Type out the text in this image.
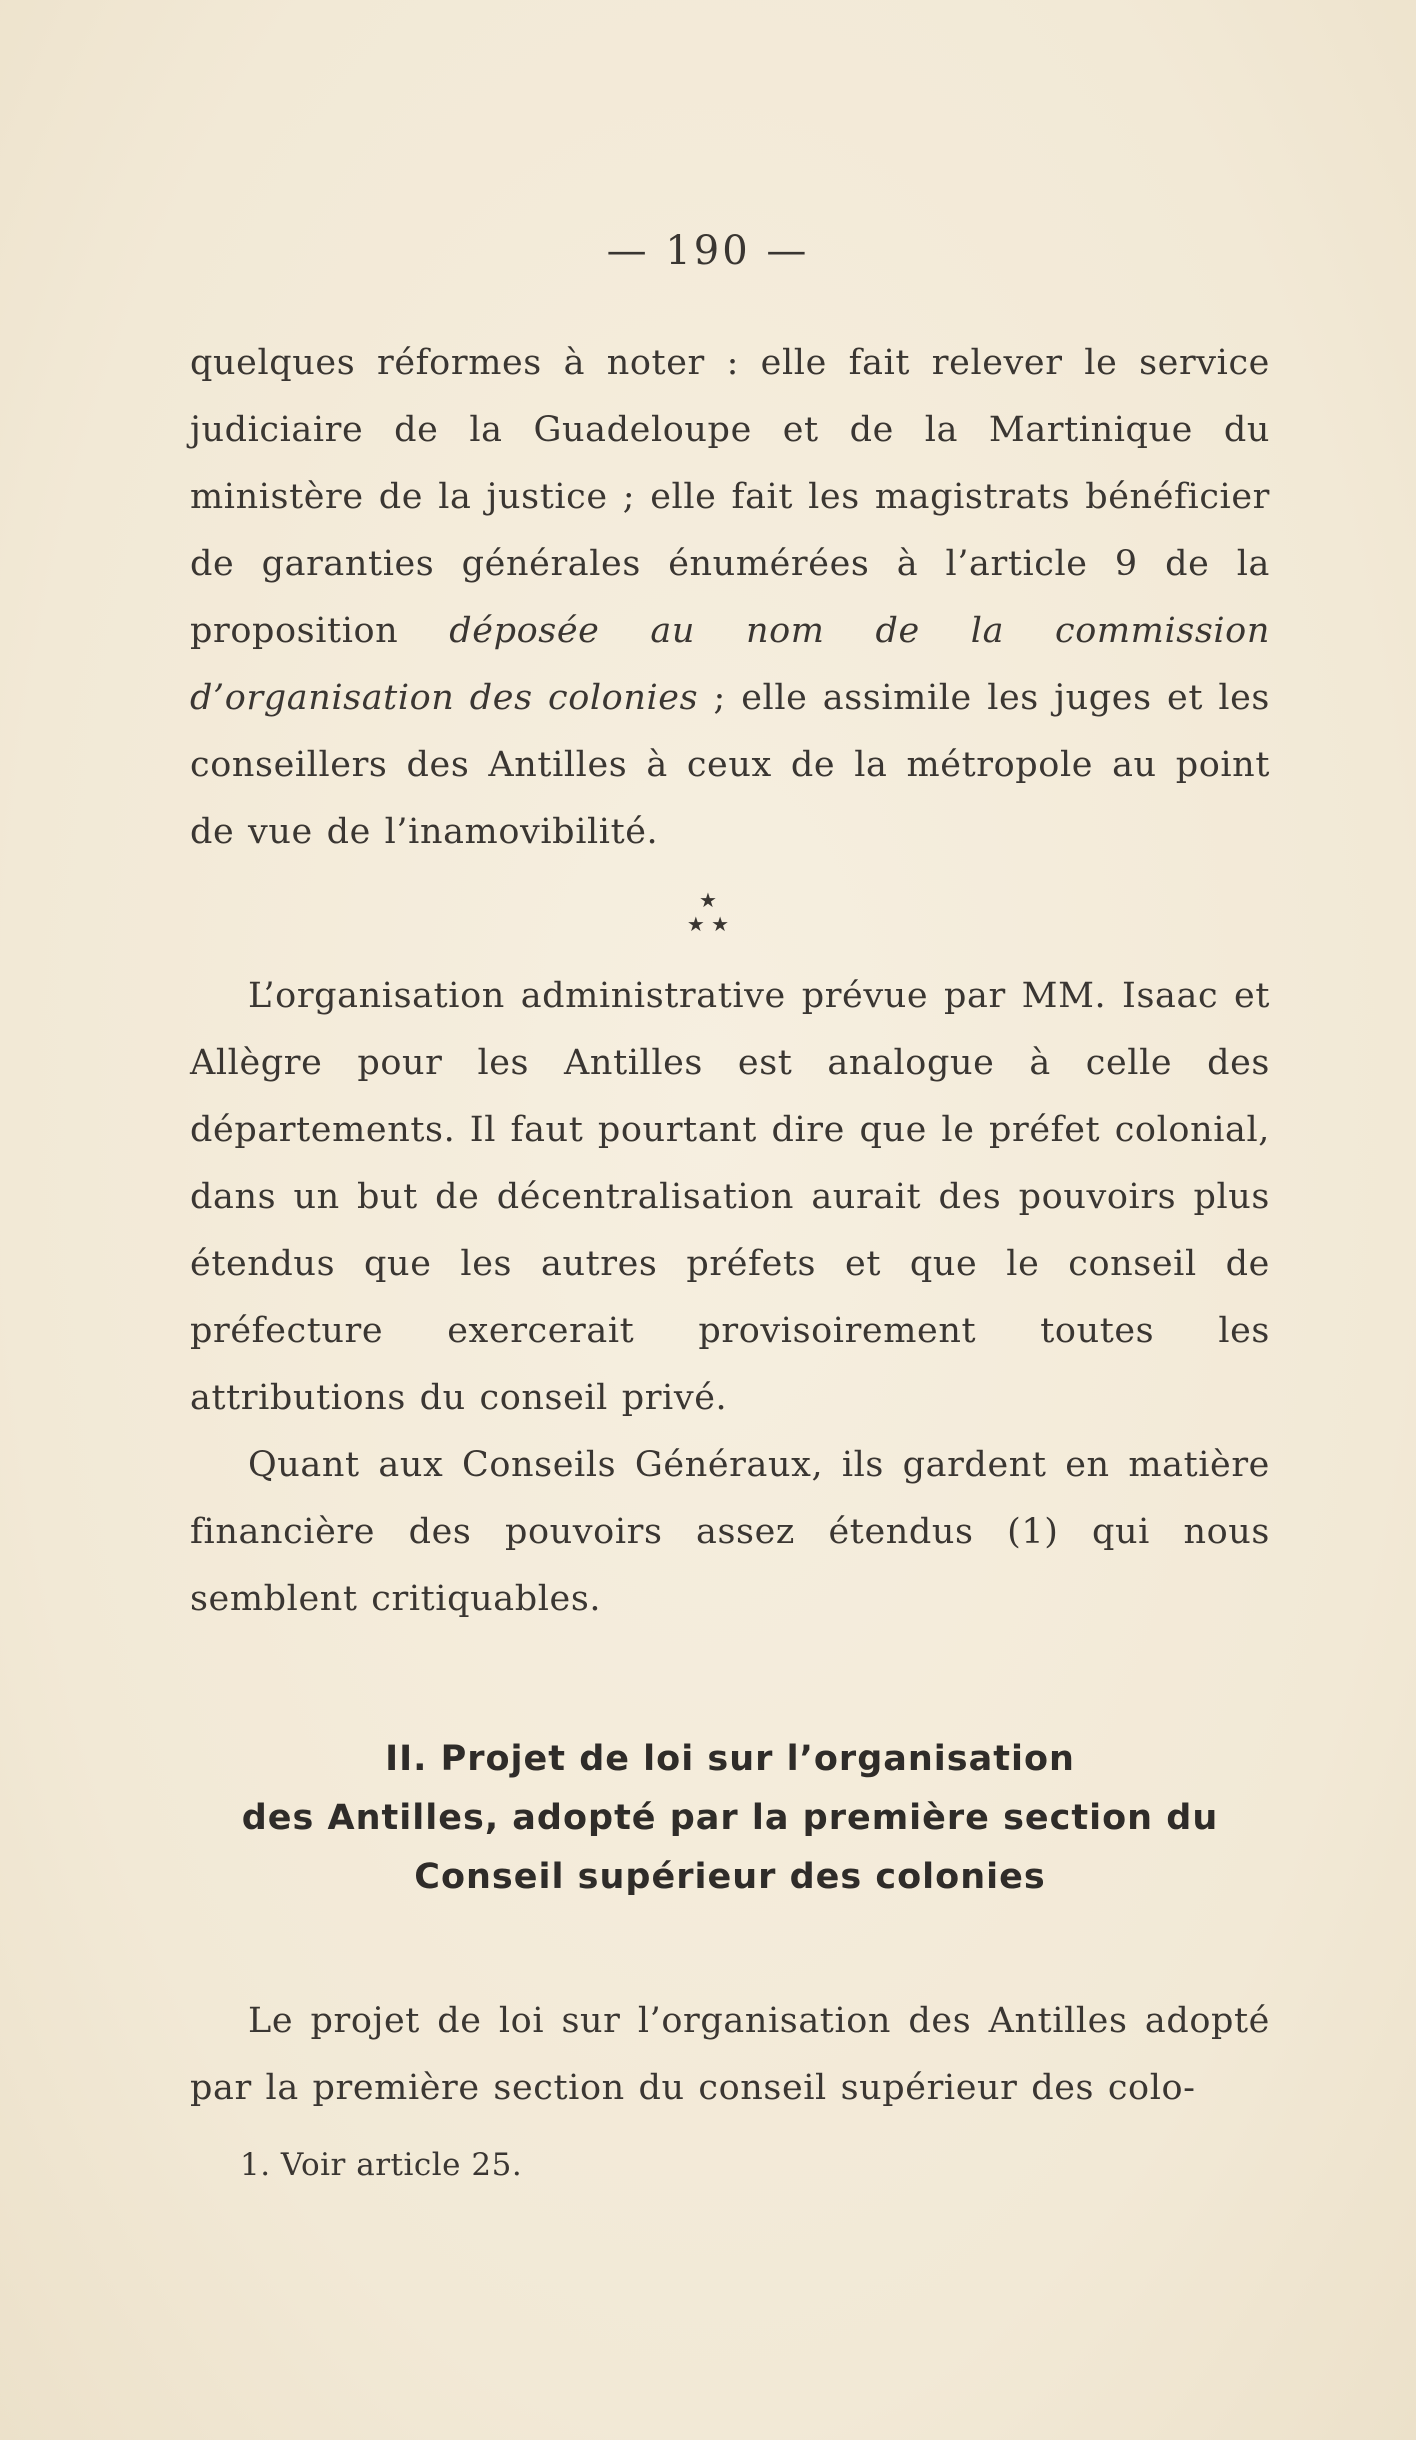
— 190 —

quelques réformes à noter : elle fait relever le service judiciaire de la Guadeloupe et de la Martinique du ministère de la justice ; elle fait les magistrats bénéficier de garanties générales énumérées à l’article 9 de la proposition déposée au nom de la commission d’organisation des colonies ; elle assimile les juges et les conseillers des Antilles à ceux de la métropole au point de vue de l’inamovibilité.

★
★ ★

L’organisation administrative prévue par MM. Isaac et Allègre pour les Antilles est analogue à celle des départements. Il faut pourtant dire que le préfet colonial, dans un but de décentralisation aurait des pouvoirs plus étendus que les autres préfets et que le conseil de préfecture exercerait provisoirement toutes les attributions du conseil privé.

Quant aux Conseils Généraux, ils gardent en matière financière des pouvoirs assez étendus (1) qui nous semblent critiquables.

II. Projet de loi sur l’organisation
des Antilles, adopté par la première section du
Conseil supérieur des colonies

Le projet de loi sur l’organisation des Antilles adopté par la première section du conseil supérieur des colo-

1. Voir article 25.
